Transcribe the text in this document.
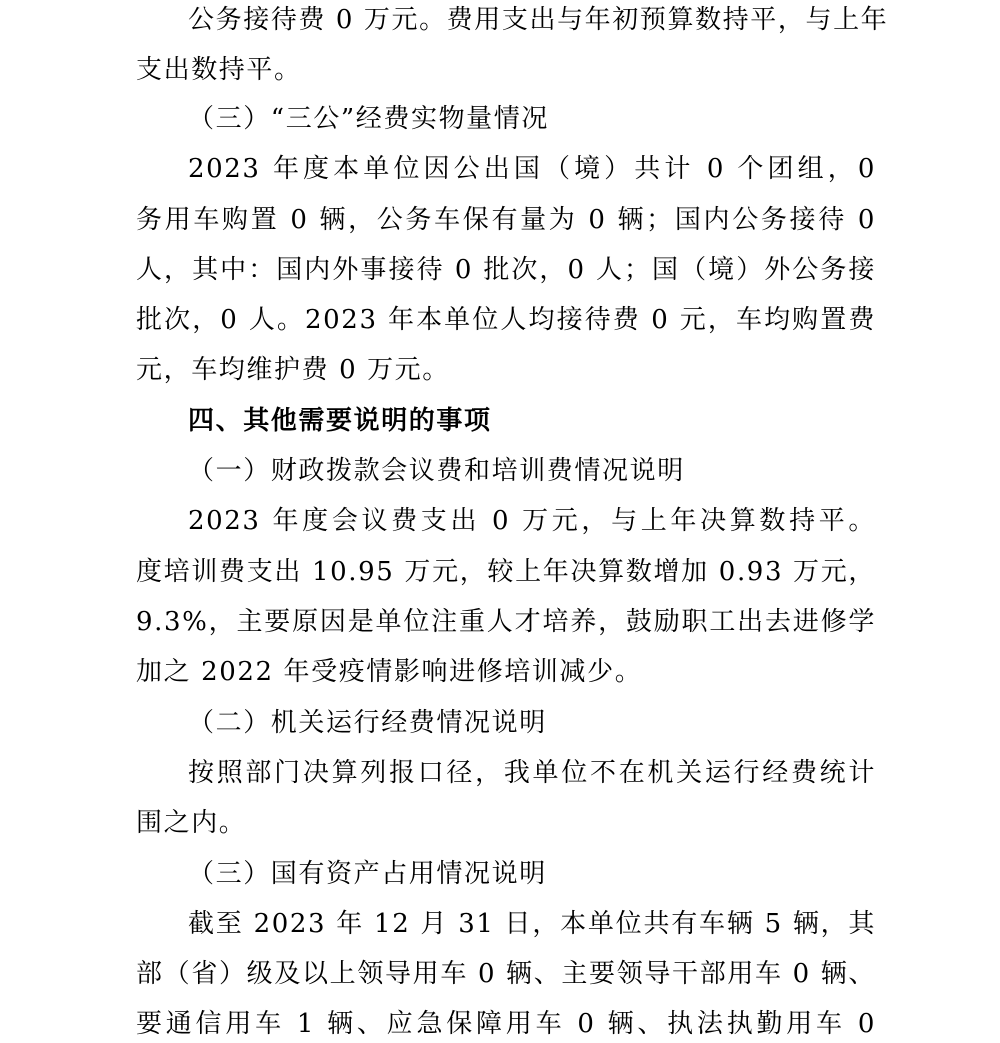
公务接待费 0 万元。费用支出与年初预算数持平，与上年
支出数持平。
（三）“三公”经费实物量情况
2023 年度本单位因公出国（境）共计 0 个团组，0
务用车购置 0 辆，公务车保有量为 0 辆；国内公务接待 0
人，其中：国内外事接待 0 批次，0 人；国（境）外公务接
批次，0 人。2023 年本单位人均接待费 0 元，车均购置费
元，车均维护费 0 万元。
四、其他需要说明的事项
（一）财政拨款会议费和培训费情况说明
2023 年度会议费支出 0 万元，与上年决算数持平。
度培训费支出 10.95 万元，较上年决算数增加 0.93 万元，
9.3%，主要原因是单位注重人才培养，鼓励职工出去进修学
加之 2022 年受疫情影响进修培训减少。
（二）机关运行经费情况说明
按照部门决算列报口径，我单位不在机关运行经费统计
围之内。
（三）国有资产占用情况说明
截至 2023 年 12 月 31 日，本单位共有车辆 5 辆，其
部（省）级及以上领导用车 0 辆、主要领导干部用车 0 辆、
要通信用车 1 辆、应急保障用车 0 辆、执法执勤用车 0
